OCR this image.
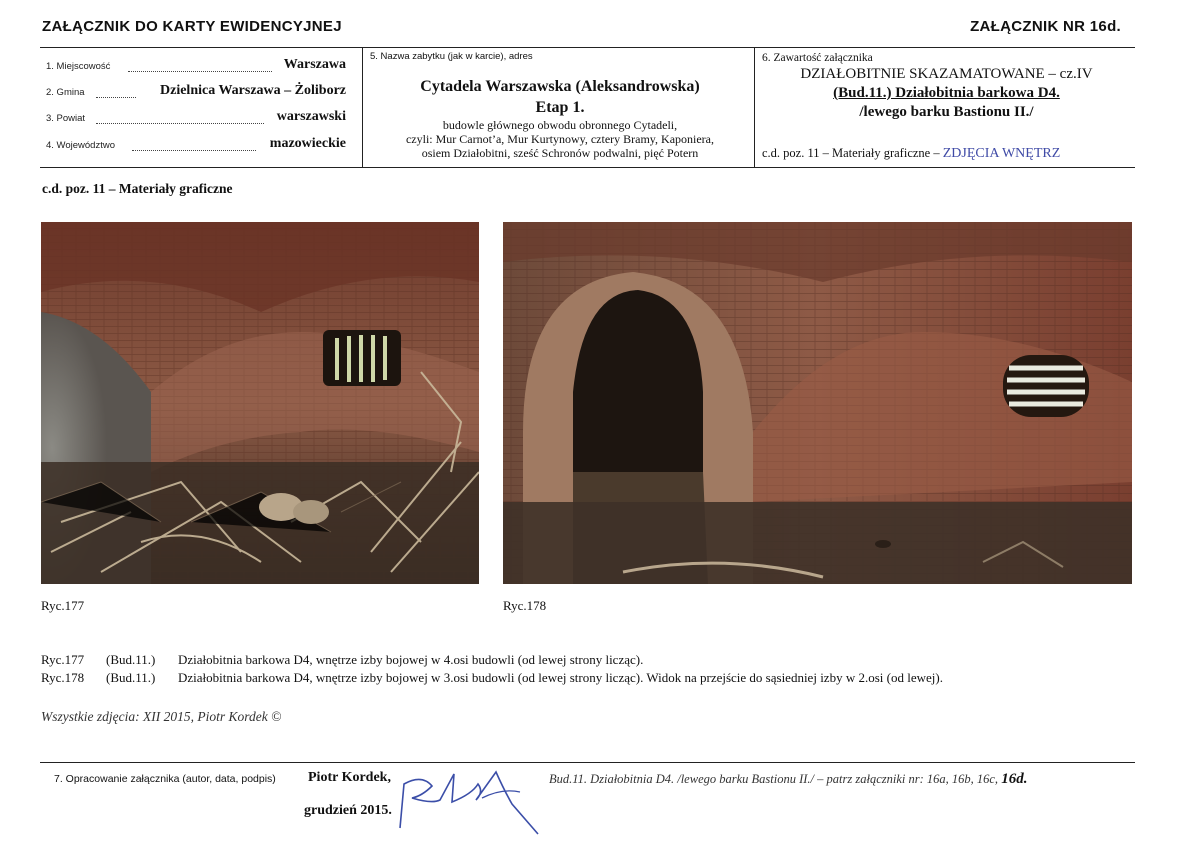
ZAŁĄCZNIK DO KARTY EWIDENCYJNEJ	ZAŁĄCZNIK NR 16d.
1. Miejscowość	Warszawa
2. Gmina	Dzielnica Warszawa – Żoliborz
3. Powiat	warszawski
4. Województwo	mazowieckie
5. Nazwa zabytku (jak w karcie), adres
Cytadela Warszawska (Aleksandrowska)
Etap 1.
budowle głównego obwodu obronnego Cytadeli,
czyli: Mur Carnot’a, Mur Kurtynowy, cztery Bramy, Kaponiera,
osiem Działobitni, sześć Schronów podwalni, pięć Potern
6. Zawartość załącznika
DZIAŁOBITNIE SKAZAMATOWANE – cz.IV
(Bud.11.) Działobitnia barkowa D4.
/lewego barku Bastionu II./
c.d. poz. 11 – Materiały graficzne – ZDJĘCIA WNĘTRZ
c.d. poz. 11 – Materiały graficzne
Ryc.177	Ryc.178
Ryc.177 (Bud.11.) Działobitnia barkowa D4, wnętrze izby bojowej w 4.osi budowli (od lewej strony licząc).
Ryc.178 (Bud.11.) Działobitnia barkowa D4, wnętrze izby bojowej w 3.osi budowli (od lewej strony licząc). Widok na przejście do sąsiedniej izby w 2.osi (od lewej).
Wszystkie zdjęcia: XII 2015, Piotr Kordek ©
7. Opracowanie załącznika (autor, data, podpis) Piotr Kordek,
grudzień 2015.
Bud.11. Działobitnia D4. /lewego barku Bastionu II./ – patrz załączniki nr: 16a, 16b, 16c, 16d.
